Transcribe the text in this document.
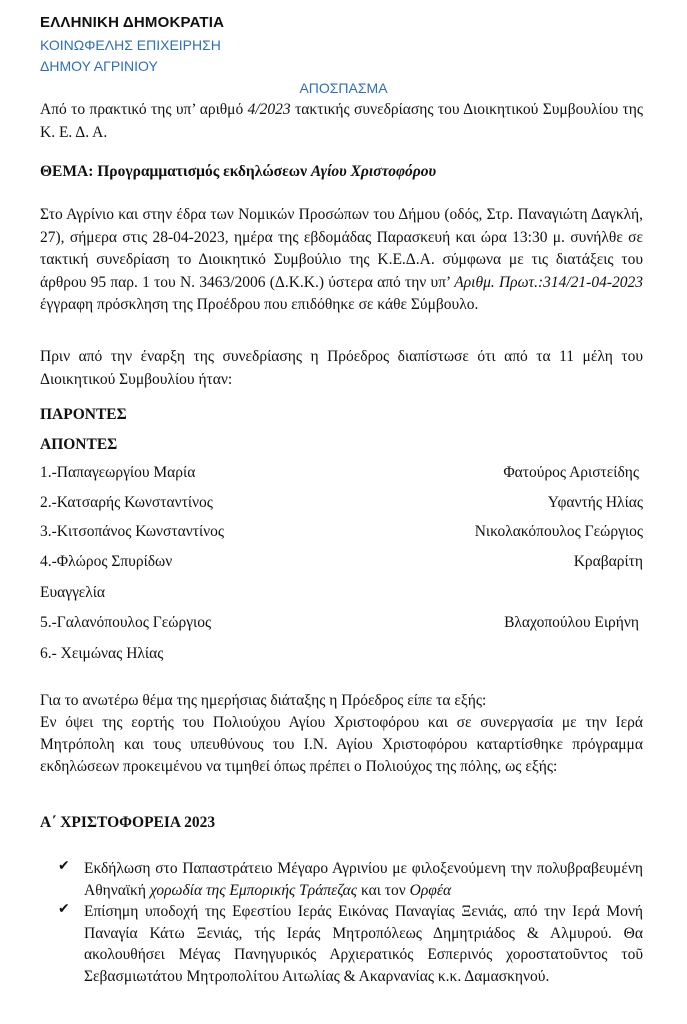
ΕΛΛΗΝΙΚΗ ΔΗΜΟΚΡΑΤΙΑ
ΚΟΙΝΩΦΕΛΗΣ ΕΠΙΧΕΙΡΗΣΗ
ΔΗΜΟΥ ΑΓΡΙΝΙΟΥ
ΑΠΟΣΠΑΣΜΑ
Από το πρακτικό της υπ’ αριθμό 4/2023 τακτικής συνεδρίασης του Διοικητικού Συμβουλίου της Κ. Ε. Δ. Α.
ΘΕΜΑ: Προγραμματισμός εκδηλώσεων Αγίου Χριστοφόρου
Στο Αγρίνιο και στην έδρα των Νομικών Προσώπων του Δήμου (οδός, Στρ. Παναγιώτη Δαγκλή, 27), σήμερα στις 28-04-2023, ημέρα της εβδομάδας Παρασκευή και ώρα 13:30 μ. συνήλθε σε τακτική συνεδρίαση το Διοικητικό Συμβούλιο της Κ.Ε.Δ.Α. σύμφωνα με τις διατάξεις του άρθρου 95 παρ. 1 του Ν. 3463/2006 (Δ.Κ.Κ.) ύστερα από την υπ’ Αριθμ. Πρωτ.:314/21-04-2023 έγγραφη πρόσκληση της Προέδρου που επιδόθηκε σε κάθε Σύμβουλο.
Πριν από την έναρξη της συνεδρίασης η Πρόεδρος διαπίστωσε ότι από τα 11 μέλη του Διοικητικού Συμβουλίου ήταν:
ΠΑΡΟΝΤΕΣ
ΑΠΟΝΤΕΣ
1.-Παπαγεωργίου Μαρία	Φατούρος Αριστείδης
2.-Κατσαρής Κωνσταντίνος	Υφαντής Ηλίας
3.-Κιτσοπάνος Κωνσταντίνος	Νικολακόπουλος Γεώργιος
4.-Φλώρος Σπυρίδων	Κραβαρίτη
Ευαγγελία
5.-Γαλανόπουλος Γεώργιος	Βλαχοπούλου Ειρήνη
6.- Χειμώνας Ηλίας
Για το ανωτέρω θέμα της ημερήσιας διάταξης η Πρόεδρος είπε τα εξής:
Εν όψει της εορτής του Πολιούχου Αγίου Χριστοφόρου και σε συνεργασία με την Ιερά Μητρόπολη και τους υπευθύνους του Ι.Ν. Αγίου Χριστοφόρου καταρτίσθηκε πρόγραμμα εκδηλώσεων προκειμένου να τιμηθεί όπως πρέπει ο Πολιούχος της πόλης, ως εξής:
Α΄ ΧΡΙΣΤΟΦΟΡΕΙΑ 2023
✔ Εκδήλωση στο Παπαστράτειο Μέγαρο Αγρινίου με φιλοξενούμενη την πολυβραβευμένη Αθηναϊκή χορωδία της Εμπορικής Τράπεζας και τον Ορφέα
✔ Επίσημη υποδοχή της Εφεστίου Ιεράς Εικόνας Παναγίας Ξενιάς, από την Ιερά Μονή Παναγία Κάτω Ξενιάς, τής Ιεράς Μητροπόλεως Δημητριάδος & Αλμυρού. Θα ακολουθήσει Μέγας Πανηγυρικός Αρχιερατικός Εσπερινός χοροστατοῦντος τοῦ Σεβασμιωτάτου Μητροπολίτου Αιτωλίας & Ακαρνανίας κ.κ. Δαμασκηνού.
